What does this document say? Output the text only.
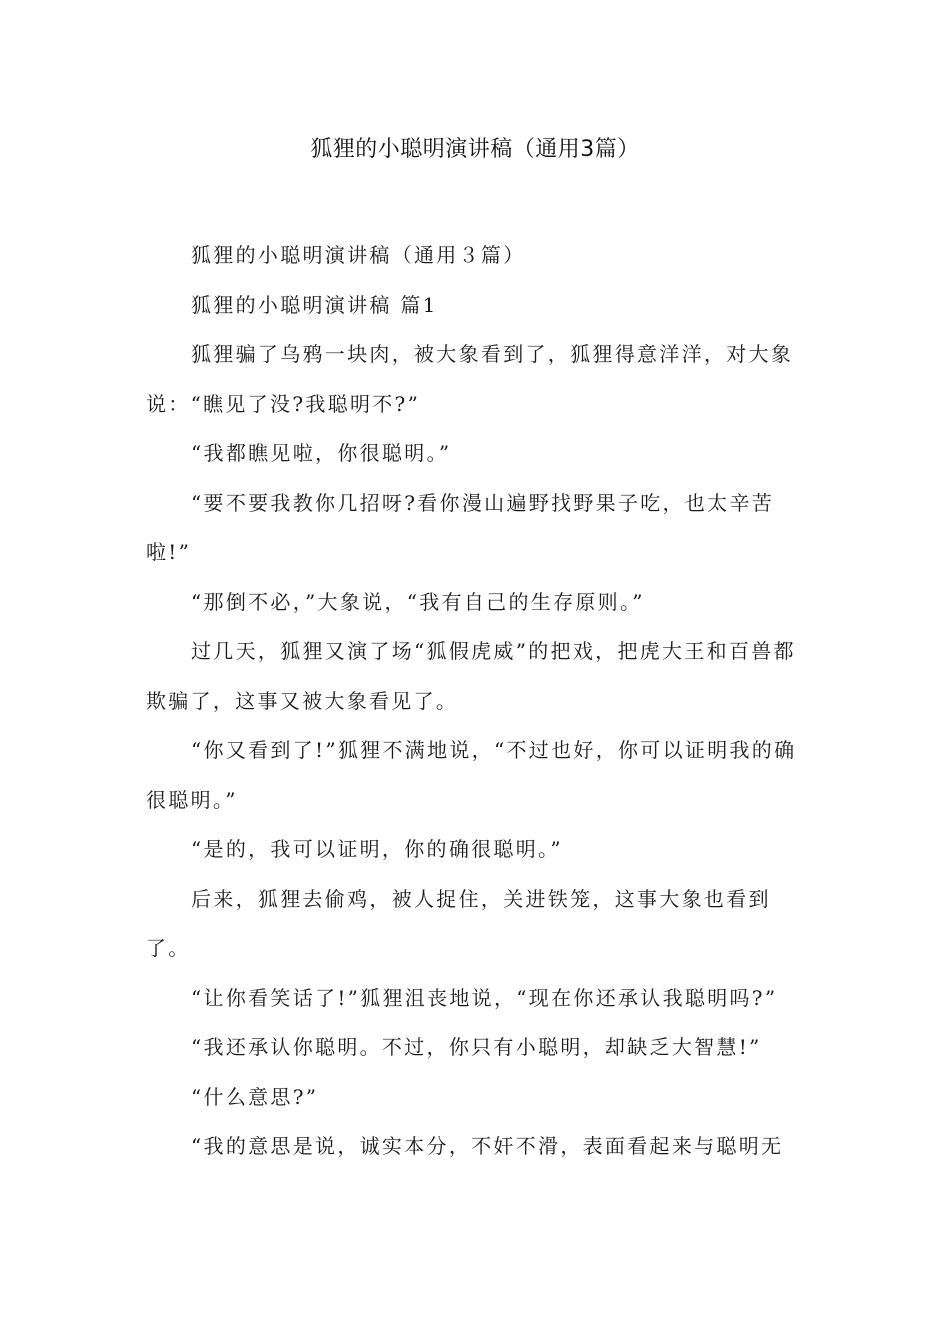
狐狸的小聪明演讲稿（通用3篇）

狐狸的小聪明演讲稿（通用３篇）

狐狸的小聪明演讲稿 篇1

狐狸骗了乌鸦一块肉，被大象看到了，狐狸得意洋洋，对大象说：“瞧见了没?我聪明不?”

“我都瞧见啦，你很聪明。”

“要不要我教你几招呀?看你漫山遍野找野果子吃，也太辛苦啦!”

“那倒不必，”大象说，“我有自己的生存原则。”

过几天，狐狸又演了场“狐假虎威”的把戏，把虎大王和百兽都欺骗了，这事又被大象看见了。

“你又看到了!”狐狸不满地说，“不过也好，你可以证明我的确很聪明。”

“是的，我可以证明，你的确很聪明。”

后来，狐狸去偷鸡，被人捉住，关进铁笼，这事大象也看到了。

“让你看笑话了!”狐狸沮丧地说，“现在你还承认我聪明吗?”

“我还承认你聪明。不过，你只有小聪明，却缺乏大智慧!”

“什么意思?”

“我的意思是说，诚实本分，不奸不滑，表面看起来与聪明无
